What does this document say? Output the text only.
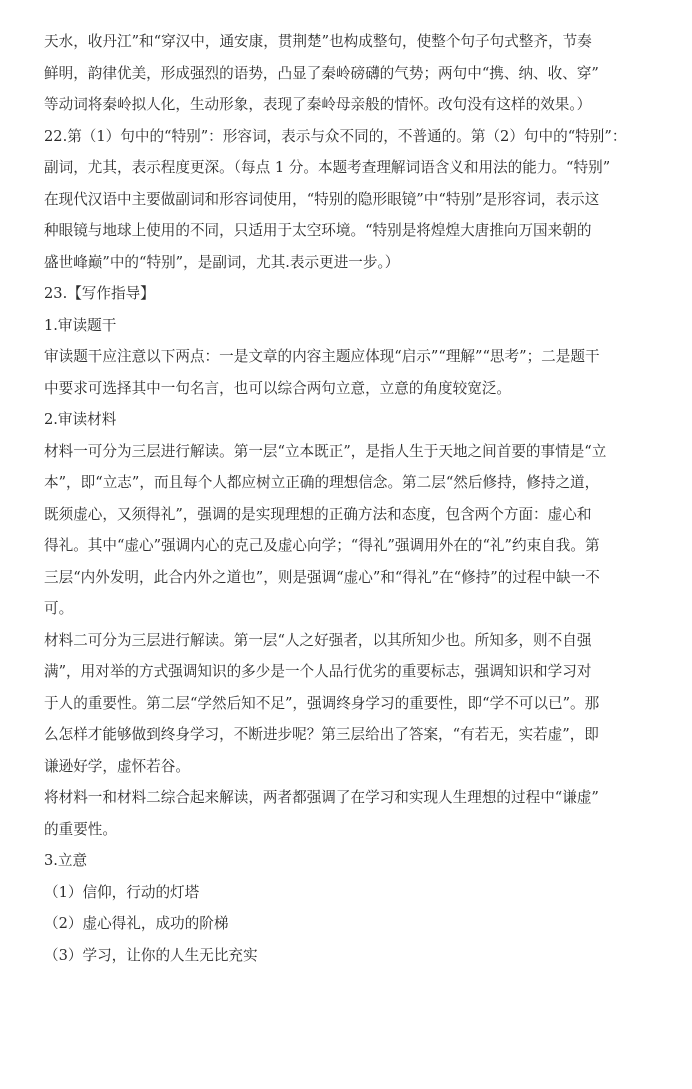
天水，收丹江”和“穿汉中，通安康，贯荆楚”也构成整句，使整个句子句式整齐，节奏
鲜明，韵律优美，形成强烈的语势，凸显了秦岭磅礴的气势；两句中“携、纳、收、穿”
等动词将秦岭拟人化，生动形象，表现了秦岭母亲般的情怀。改句没有这样的效果。）
22.第（1）句中的“特别”：形容词，表示与众不同的，不普通的。第（2）句中的“特别”：
副词，尤其，表示程度更深。（每点 1 分。本题考查理解词语含义和用法的能力。“特别”
在现代汉语中主要做副词和形容词使用，“特别的隐形眼镜”中“特别”是形容词，表示这
种眼镜与地球上使用的不同，只适用于太空环境。“特别是将煌煌大唐推向万国来朝的
盛世峰巅”中的“特别”，是副词，尤其.表示更进一步。）
23.【写作指导】
1.审读题干
审读题干应注意以下两点：一是文章的内容主题应体现“启示”“理解”“思考”；二是题干
中要求可选择其中一句名言，也可以综合两句立意，立意的角度较宽泛。
2.审读材料
材料一可分为三层进行解读。第一层“立本既正”，是指人生于天地之间首要的事情是“立
本”，即“立志”，而且每个人都应树立正确的理想信念。第二层“然后修持，修持之道，
既须虚心，又须得礼”，强调的是实现理想的正确方法和态度，包含两个方面：虚心和
得礼。其中“虚心”强调内心的克己及虚心向学；“得礼”强调用外在的“礼”约束自我。第
三层“内外发明，此合内外之道也”，则是强调“虚心”和“得礼”在“修持”的过程中缺一不
可。
材料二可分为三层进行解读。第一层“人之好强者，以其所知少也。所知多，则不自强
满”，用对举的方式强调知识的多少是一个人品行优劣的重要标志，强调知识和学习对
于人的重要性。第二层“学然后知不足”，强调终身学习的重要性，即“学不可以已”。那
么怎样才能够做到终身学习，不断进步呢？第三层给出了答案，“有若无，实若虚”，即
谦逊好学，虚怀若谷。
将材料一和材料二综合起来解读，两者都强调了在学习和实现人生理想的过程中“谦虚”
的重要性。
3.立意
（1）信仰，行动的灯塔
（2）虚心得礼，成功的阶梯
（3）学习，让你的人生无比充实
